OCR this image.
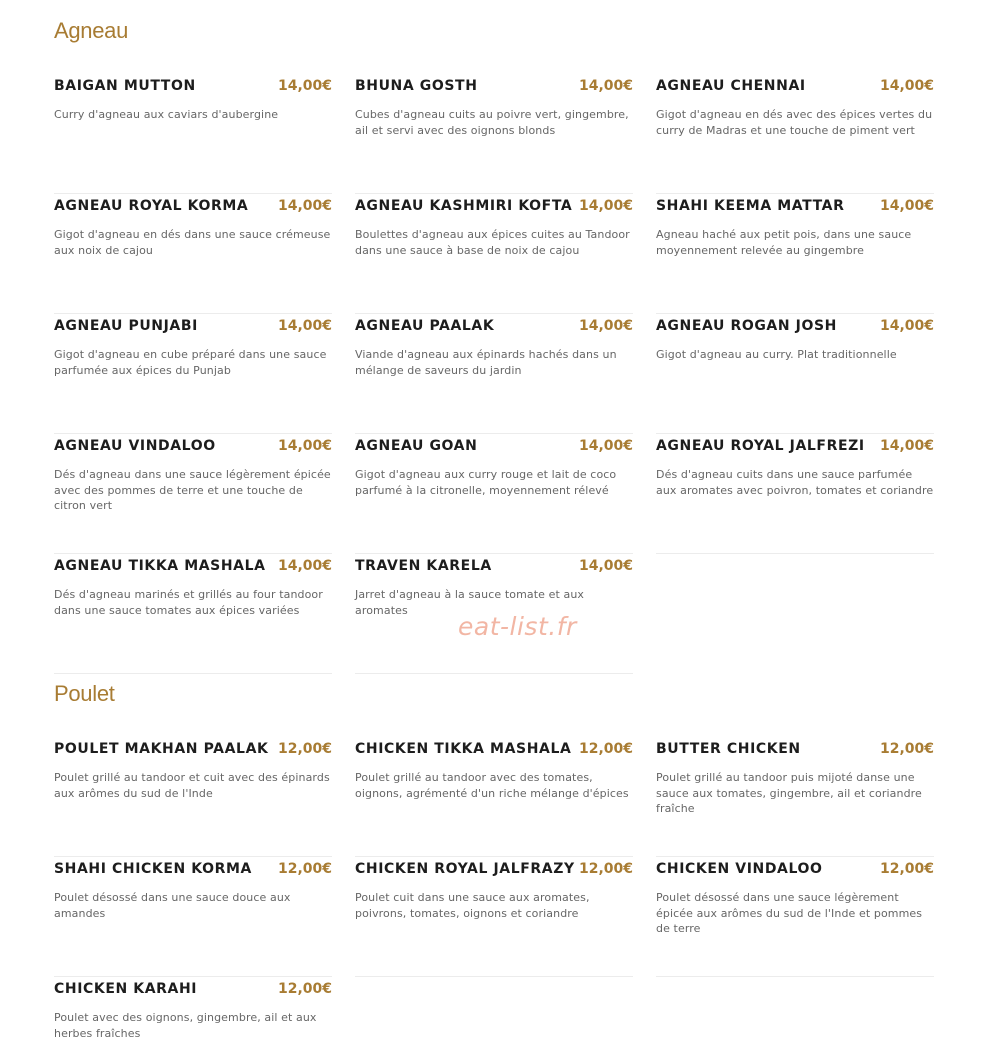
Agneau
BAIGAN MUTTON	14,00€
Curry d'agneau aux caviars d'aubergine
BHUNA GOSTH	14,00€
Cubes d'agneau cuits au poivre vert, gingembre, ail et servi avec des oignons blonds
AGNEAU CHENNAI	14,00€
Gigot d'agneau en dés avec des épices vertes du curry de Madras et une touche de piment vert
AGNEAU ROYAL KORMA 14,00€
Gigot d'agneau en dés dans une sauce crémeuse aux noix de cajou
AGNEAU KASHMIRI KOFTA 14,00€
Boulettes d'agneau aux épices cuites au Tandoor dans une sauce à base de noix de cajou
SHAHI KEEMA MATTAR	14,00€
Agneau haché aux petit pois, dans une sauce moyennement relevée au gingembre
AGNEAU PUNJABI	14,00€
Gigot d'agneau en cube préparé dans une sauce parfumée aux épices du Punjab
AGNEAU PAALAK	14,00€
Viande d'agneau aux épinards hachés dans un mélange de saveurs du jardin
AGNEAU ROGAN JOSH	14,00€
Gigot d'agneau au curry. Plat traditionnelle
AGNEAU VINDALOO	14,00€
Dés d'agneau dans une sauce légèrement épicée avec des pommes de terre et une touche de citron vert
AGNEAU GOAN	14,00€
Gigot d'agneau aux curry rouge et lait de coco parfumé à la citronelle, moyennement rélevé
AGNEAU ROYAL JALFREZI 14,00€
Dés d'agneau cuits dans une sauce parfumée aux aromates avec poivron, tomates et coriandre
AGNEAU TIKKA MASHALA 14,00€
Dés d'agneau marinés et grillés au four tandoor dans une sauce tomates aux épices variées
TRAVEN KARELA	14,00€
Jarret d'agneau à la sauce tomate et aux aromates
eat-list.fr
Poulet
POULET MAKHAN PAALAK 12,00€
Poulet grillé au tandoor et cuit avec des épinards aux arômes du sud de l'Inde
CHICKEN TIKKA MASHALA 12,00€
Poulet grillé au tandoor avec des tomates, oignons, agrémenté d'un riche mélange d'épices
BUTTER CHICKEN	12,00€
Poulet grillé au tandoor puis mijoté danse une sauce aux tomates, gingembre, ail et coriandre fraîche
SHAHI CHICKEN KORMA 12,00€
Poulet désossé dans une sauce douce aux amandes
CHICKEN ROYAL JALFRAZY 12,00€
Poulet cuit dans une sauce aux aromates, poivrons, tomates, oignons et coriandre
CHICKEN VINDALOO	12,00€
Poulet désossé dans une sauce légèrement épicée aux arômes du sud de l'Inde et pommes de terre
CHICKEN KARAHI	12,00€
Poulet avec des oignons, gingembre, ail et aux herbes fraîches
